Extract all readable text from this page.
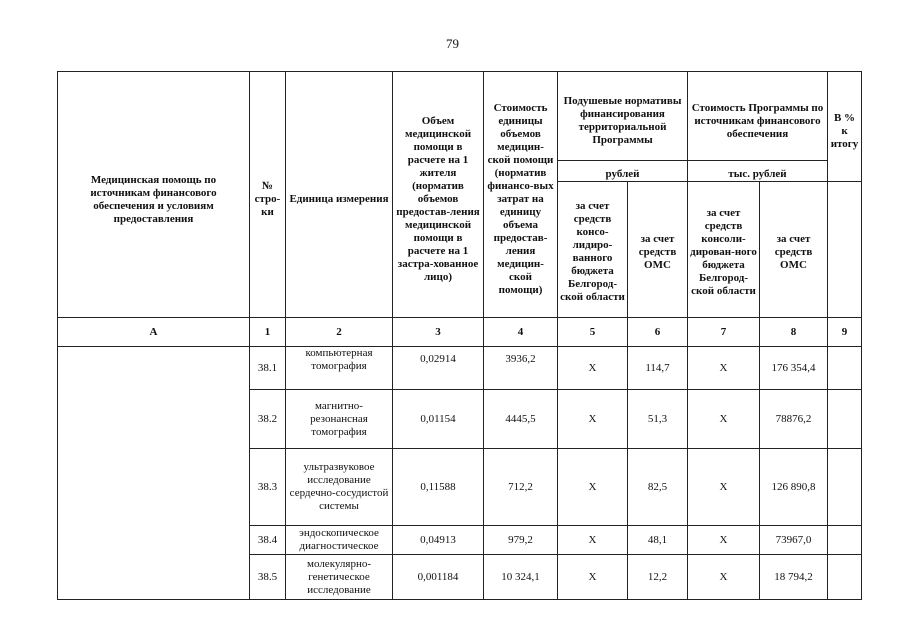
79
Медицинская помощь по источникам финансового обеспечения и условиям предоставления	№ стро-ки	Единица измерения	Объем медицинской помощи в расчете на 1 жителя (норматив объемов предостав-ления медицинской помощи в расчете на 1 застра-хованное лицо)	Стоимость единицы объемов медицин-ской помощи (норматив финансо-вых затрат на единицу объема предостав-ления медицин-ской помощи)	Подушевые нормативы финансирования территориальной Программы		Стоимость Программы по источникам финансового обеспечения		В % к итогу
					рублей		тыс. рублей		
					за счет средств консо-лидиро-ванного бюджета Белгород-ской области	за счет средств ОМС	за счет средств консоли-дирован-ного бюджета Белгород-ской области	за счет средств ОМС	
А	1	2	3	4	5	6	7	8	9
	38.1	компьютерная томография	0,02914	3936,2	X	114,7	X	176 354,4	
	38.2	магнитно-резонансная томография	0,01154	4445,5	X	51,3	X	78876,2	
	38.3	ультразвуковое исследование сердечно-сосудистой системы	0,11588	712,2	X	82,5	X	126 890,8	
	38.4	эндоскопическое диагностическое	0,04913	979,2	X	48,1	X	73967,0	
	38.5	молекулярно-генетическое исследование	0,001184	10 324,1	X	12,2	X	18 794,2	
